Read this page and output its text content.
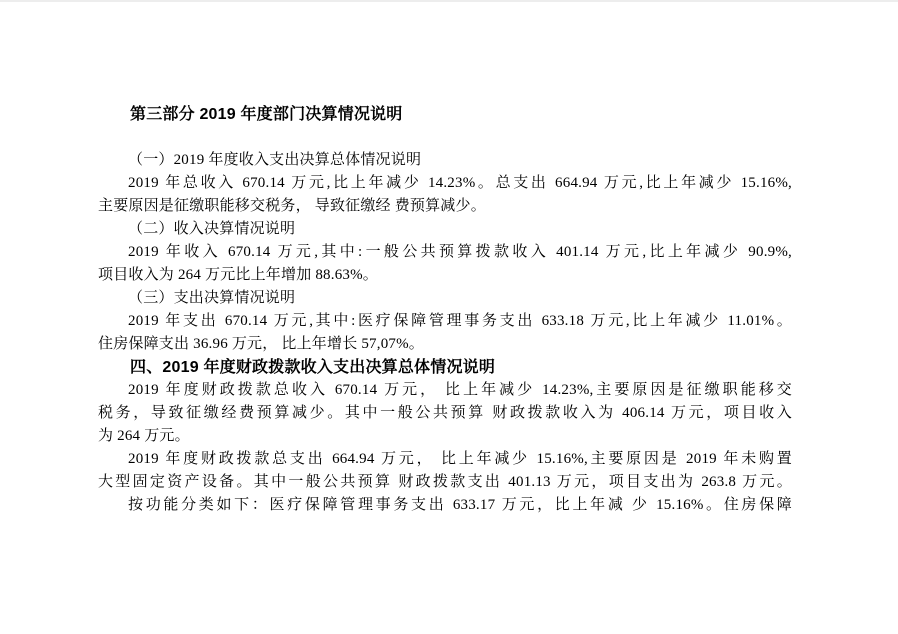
第三部分 2019 年度部门决算情况说明
（一）2019 年度收入支出决算总体情况说明
2019 年总收入 670.14 万元,比上年减少 14.23%。总支出 664.94 万元,比上年减少 15.16%,
主要原因是征缴职能移交税务， 导致征缴经 费预算减少。
（二）收入决算情况说明
2019 年收入 670.14 万元,其中:一般公共预算拨款收入 401.14 万元,比上年减少 90.9%,
项目收入为 264 万元比上年增加 88.63%。
（三）支出决算情况说明
2019 年支出 670.14 万元,其中:医疗保障管理事务支出 633.18 万元,比上年减少 11.01%。
住房保障支出 36.96 万元， 比上年增长 57,07%。
四、2019 年度财政拨款收入支出决算总体情况说明
2019 年度财政拨款总收入 670.14 万元， 比上年减少 14.23%,主要原因是征缴职能移交
税务，导致征缴经费预算减少。其中一般公共预算 财政拨款收入为 406.14 万元，项目收入
为 264 万元。
2019 年度财政拨款总支出 664.94 万元， 比上年减少 15.16%,主要原因是 2019 年未购置
大型固定资产设备。其中一般公共预算 财政拨款支出 401.13 万元，项目支出为 263.8 万元。
按功能分类如下：医疗保障管理事务支出 633.17 万元，比上年减 少 15.16%。住房保障
